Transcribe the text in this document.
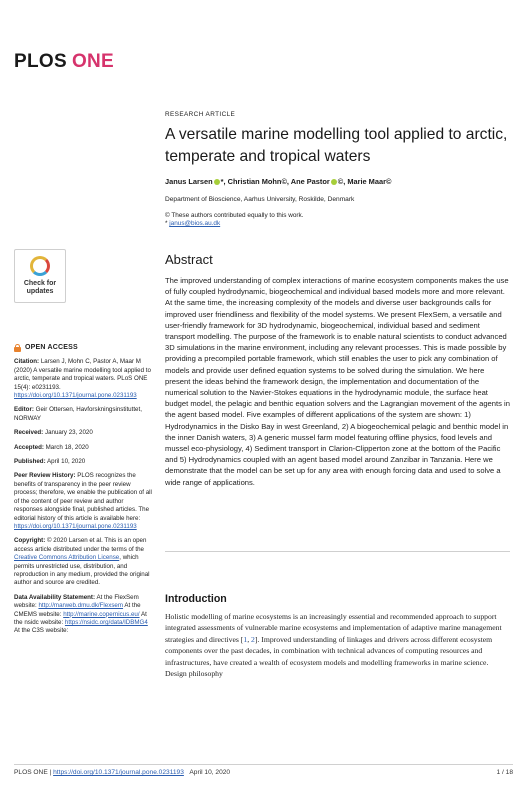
PLOS ONE
Check for
updates
OPEN ACCESS

Citation: Larsen J, Mohn C, Pastor A, Maar M (2020) A versatile marine modelling tool applied to arctic, temperate and tropical waters. PLoS ONE 15(4): e0231193. https://doi.org/10.1371/journal.pone.0231193

Editor: Geir Ottersen, Havforskningsinstituttet, NORWAY

Received: January 23, 2020

Accepted: March 18, 2020

Published: April 10, 2020

Peer Review History: PLOS recognizes the benefits of transparency in the peer review process; therefore, we enable the publication of all of the content of peer review and author responses alongside final, published articles. The editorial history of this article is available here: https://doi.org/10.1371/journal.pone.0231193

Copyright: © 2020 Larsen et al. This is an open access article distributed under the terms of the Creative Commons Attribution License, which permits unrestricted use, distribution, and reproduction in any medium, provided the original author and source are credited.

Data Availability Statement: At the FlexSem website: http://marweb.dmu.dk/Flexsem At the CMEMS website: http://marine.copernicus.eu/ At the nsidc website: https://nsidc.org/data/IDBMG4 At the C3S website:

RESEARCH ARTICLE
A versatile marine modelling tool applied to arctic, temperate and tropical waters
Janus Larsen *, Christian Mohn©, Ane Pastor ©, Marie Maar©
Department of Bioscience, Aarhus University, Roskilde, Denmark
© These authors contributed equally to this work.
* janus@bios.au.dk
Abstract
The improved understanding of complex interactions of marine ecosystem components makes the use of fully coupled hydrodynamic, biogeochemical and individual based models more and more relevant. At the same time, the increasing complexity of the models and diverse user backgrounds calls for improved user friendliness and flexibility of the model systems. We present FlexSem, a versatile and user-friendly framework for 3D hydrodynamic, biogeochemical, individual based and sediment transport modelling. The purpose of the framework is to enable natural scientists to conduct advanced 3D simulations in the marine environment, including any relevant processes. This is made possible by providing a precompiled portable framework, which still enables the user to pick any combination of models and provide user defined equation systems to be solved during the simulation. We here present the ideas behind the framework design, the implementation and documentation of the numerical solution to the Navier-Stokes equations in the hydrodynamic module, the surface heat budget model, the pelagic and benthic equation solvers and the Lagrangian movement of the agents in the agent based model. Five examples of different applications of the system are shown: 1) Hydrodynamics in the Disko Bay in west Greenland, 2) A biogeochemical pelagic and benthic model in the inner Danish waters, 3) A generic mussel farm model featuring offline physics, food levels and mussel eco-physiology, 4) Sediment transport in Clarion-Clipperton zone at the bottom of the Pacific and 5) Hydrodynamics coupled with an agent based model around Zanzibar in Tanzania. Here we demonstrate that the model can be set up for any area with enough forcing data and used to solve a wide range of applications.
Introduction
Holistic modelling of marine ecosystems is an increasingly essential and recommended approach to support integrated assessments of vulnerable marine ecosystems and implementation of adaptive marine management strategies and directives [1, 2]. Improved understanding of linkages and drivers across different ecosystem components over the past decades, in combination with technical advances of computing resources and infrastructures, have created a wealth of ecosystem models and modelling frameworks in marine science. Design philosophy
PLOS ONE | https://doi.org/10.1371/journal.pone.0231193 April 10, 2020	1 / 18
